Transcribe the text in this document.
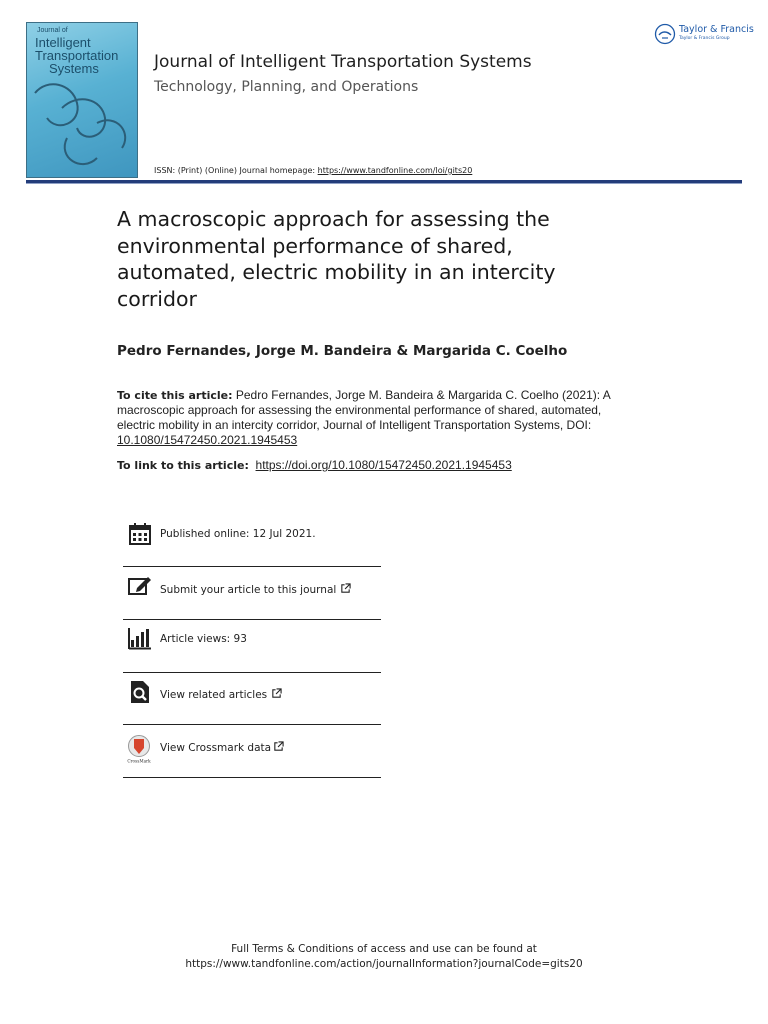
Journal of
Intelligent
Transportation
Systems	Journal of Intelligent Transportation Systems
Technology, Planning, and Operations
ISSN: (Print) (Online) Journal homepage: https://www.tandfonline.com/loi/gits20
Taylor & Francis
Taylor & Francis Group
A macroscopic approach for assessing the environmental performance of shared, automated, electric mobility in an intercity corridor
Pedro Fernandes, Jorge M. Bandeira & Margarida C. Coelho

To cite this article: Pedro Fernandes, Jorge M. Bandeira & Margarida C. Coelho (2021): A macroscopic approach for assessing the environmental performance of shared, automated, electric mobility in an intercity corridor, Journal of Intelligent Transportation Systems, DOI: 10.1080/15472450.2021.1945453

To link to this article: https://doi.org/10.1080/15472450.2021.1945453
Published online: 12 Jul 2021.
Submit your article to this journal
Article views: 93
View related articles
CrossMark
View Crossmark data
Full Terms & Conditions of access and use can be found at
https://www.tandfonline.com/action/journalInformation?journalCode=gits20
